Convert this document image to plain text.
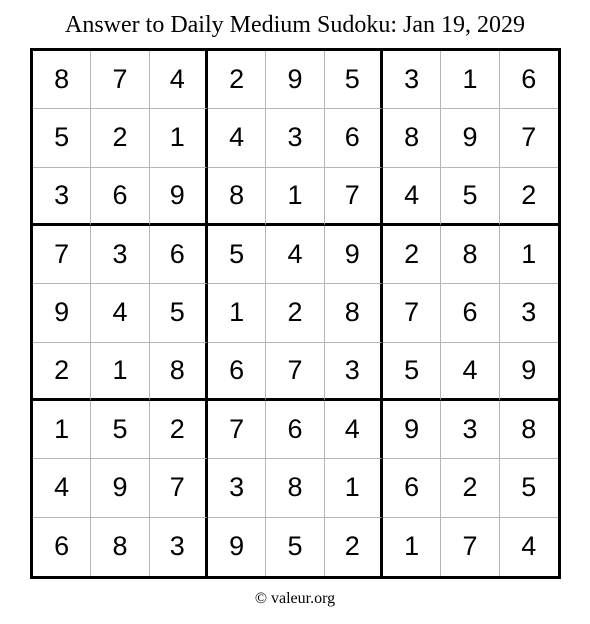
Answer to Daily Medium Sudoku: Jan 19, 2029
8	7	4	2	9	5	3	1	6
5	2	1	4	3	6	8	9	7
3	6	9	8	1	7	4	5	2
7	3	6	5	4	9	2	8	1
9	4	5	1	2	8	7	6	3
2	1	8	6	7	3	5	4	9
1	5	2	7	6	4	9	3	8
4	9	7	3	8	1	6	2	5
6	8	3	9	5	2	1	7	4
© valeur.org
